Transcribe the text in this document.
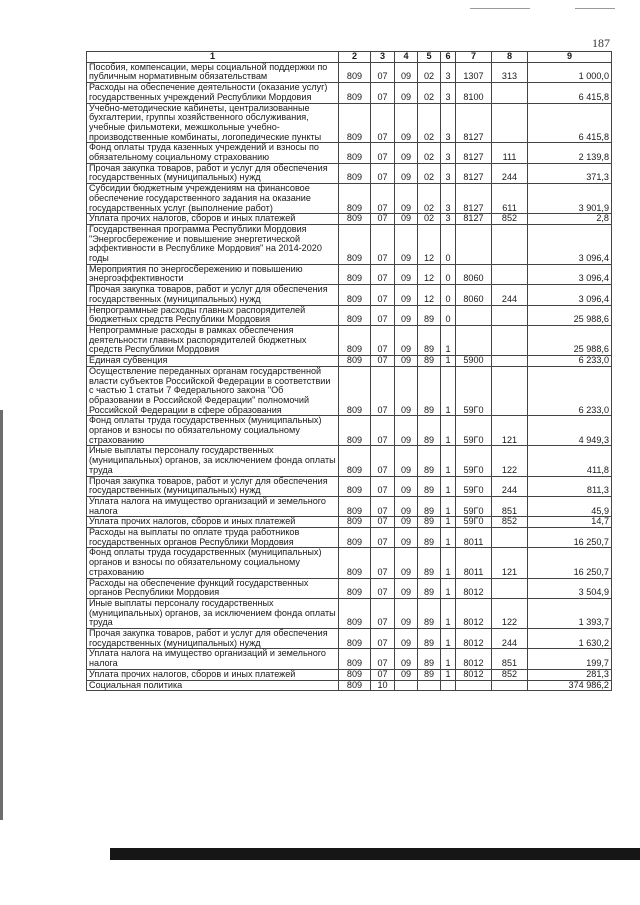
187
1	2	3	4	5	6	7	8	9
Пособия, компенсации, меры социальной поддержки по публичным нормативным обязательствам	809	07	09	02	3	1307	313	1 000,0
Расходы на обеспечение деятельности (оказание услуг) государственных учреждений Республики Мордовия	809	07	09	02	3	8100		6 415,8
Учебно-методические кабинеты, централизованные бухгалтерии, группы хозяйственного обслуживания, учебные фильмотеки, межшкольные учебно-производственные комбинаты, логопедические пункты	809	07	09	02	3	8127		6 415,8
Фонд оплаты труда казенных учреждений и взносы по обязательному социальному страхованию	809	07	09	02	3	8127	111	2 139,8
Прочая закупка товаров, работ и услуг для обеспечения государственных (муниципальных) нужд	809	07	09	02	3	8127	244	371,3
Субсидии бюджетным учреждениям на финансовое обеспечение государственного задания на оказание государственных услуг (выполнение работ)	809	07	09	02	3	8127	611	3 901,9
Уплата прочих налогов, сборов и иных платежей	809	07	09	02	3	8127	852	2,8
Государственная программа Республики Мордовия "Энергосбережение и повышение энергетической эффективности в Республике Мордовия" на 2014-2020 годы	809	07	09	12	0			3 096,4
Мероприятия по энергосбережению и повышению энергоэффективности	809	07	09	12	0	8060		3 096,4
Прочая закупка товаров, работ и услуг для обеспечения государственных (муниципальных) нужд	809	07	09	12	0	8060	244	3 096,4
Непрограммные расходы главных распорядителей бюджетных средств Республики Мордовия	809	07	09	89	0			25 988,6
Непрограммные расходы в рамках обеспечения деятельности главных распорядителей бюджетных средств Республики Мордовия	809	07	09	89	1			25 988,6
Единая субвенция	809	07	09	89	1	5900		6 233,0
Осуществление переданных органам государственной власти субъектов Российской Федерации в соответствии с частью 1 статьи 7 Федерального закона "Об образовании в Российской Федерации" полномочий Российской Федерации в сфере образования	809	07	09	89	1	59Г0		6 233,0
Фонд оплаты труда государственных (муниципальных) органов и взносы по обязательному социальному страхованию	809	07	09	89	1	59Г0	121	4 949,3
Иные выплаты персоналу государственных (муниципальных) органов, за исключением фонда оплаты труда	809	07	09	89	1	59Г0	122	411,8
Прочая закупка товаров, работ и услуг для обеспечения государственных (муниципальных) нужд	809	07	09	89	1	59Г0	244	811,3
Уплата налога на имущество организаций и земельного налога	809	07	09	89	1	59Г0	851	45,9
Уплата прочих налогов, сборов и иных платежей	809	07	09	89	1	59Г0	852	14,7
Расходы на выплаты по оплате труда работников государственных органов Республики Мордовия	809	07	09	89	1	8011		16 250,7
Фонд оплаты труда государственных (муниципальных) органов и взносы по обязательному социальному страхованию	809	07	09	89	1	8011	121	16 250,7
Расходы на обеспечение функций государственных органов Республики Мордовия	809	07	09	89	1	8012		3 504,9
Иные выплаты персоналу государственных (муниципальных) органов, за исключением фонда оплаты труда	809	07	09	89	1	8012	122	1 393,7
Прочая закупка товаров, работ и услуг для обеспечения государственных (муниципальных) нужд	809	07	09	89	1	8012	244	1 630,2
Уплата налога на имущество организаций и земельного налога	809	07	09	89	1	8012	851	199,7
Уплата прочих налогов, сборов и иных платежей	809	07	09	89	1	8012	852	281,3
Социальная политика	809	10						374 986,2
